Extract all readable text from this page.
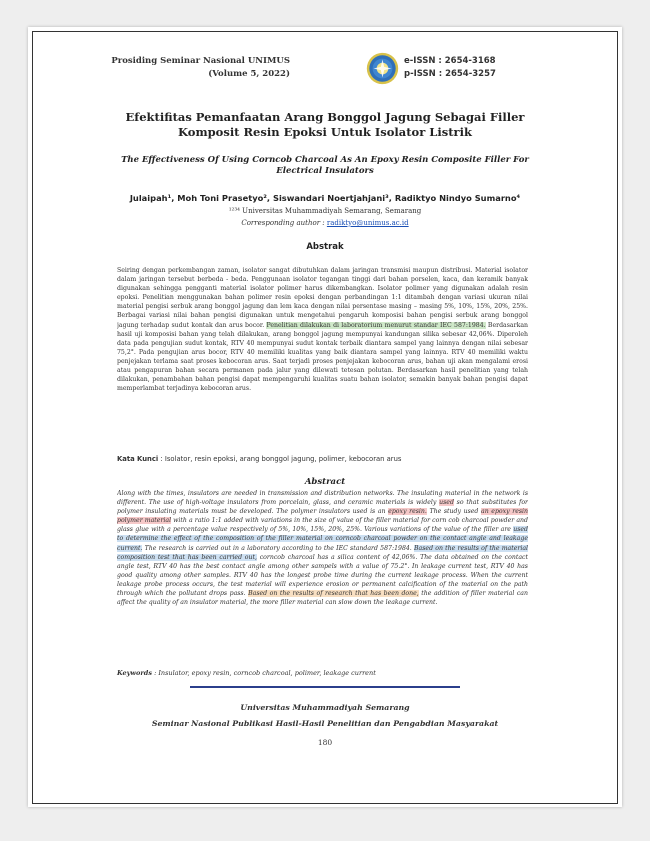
Prosiding Seminar Nasional UNIMUS
(Volume 5, 2022)
e-ISSN : 2654-3168
p-ISSN : 2654-3257
Efektifitas Pemanfaatan Arang Bonggol Jagung Sebagai Filler
Komposit Resin Epoksi Untuk Isolator Listrik
The Effectiveness Of Using Corncob Charcoal As An Epoxy Resin Composite Filler For
Electrical Insulators
Julaipah¹, Moh Toni Prasetyo², Siswandari Noertjahjani³, Radiktyo Nindyo Sumarno⁴
¹²³⁴ Universitas Muhammadiyah Semarang, Semarang
Corresponding author : radiktyo@unimus.ac.id
Abstrak
Seiring dengan perkembangan zaman, isolator sangat dibutuhkan dalam jaringan transmisi maupun distribusi. Material isolator dalam jaringan tersebut berbeda - beda. Penggunaan isolator tegangan tinggi dari bahan porselen, kaca, dan keramik banyak digunakan sehingga pengganti material isolator polimer harus dikembangkan. Isolator polimer yang digunakan adalah resin epoksi. Penelitian menggunakan bahan polimer resin epoksi dengan perbandingan 1:1 ditambah dengan variasi ukuran nilai material pengisi serbuk arang bonggol jagung dan lem kaca dengan nilai persentase masing – masing 5%, 10%, 15%, 20%, 25%. Berbagai variasi nilai bahan pengisi digunakan untuk mengetahui pengaruh komposisi bahan pengisi serbuk arang bonggol jagung terhadap sudut kontak dan arus bocor. Penelitian dilakukan di laboratorium menurut standar IEC 587:1984. Berdasarkan hasil uji komposisi bahan yang telah dilakukan, arang bonggol jagung mempunyai kandungan silika sebesar 42,06%. Diperoleh data pada pengujian sudut kontak, RTV 40 mempunyai sudut kontak terbaik diantara sampel yang lainnya dengan nilai sebesar 75,2°. Pada pengujian arus bocor, RTV 40 memiliki kualitas yang baik diantara sampel yang lainnya. RTV 40 memiliki waktu penjejakan terlama saat proses kebocoran arus. Saat terjadi proses penjejakan kebocoran arus, bahan uji akan mengalami erosi atau pengapuran bahan secara permanen pada jalur yang dilewati tetesan polutan. Berdasarkan hasil penelitian yang telah dilakukan, penambahan bahan pengisi dapat mempengaruhi kualitas suatu bahan isolator, semakin banyak bahan pengisi dapat memperlambat terjadinya kebocoran arus.
Kata Kunci : Isolator, resin epoksi, arang bonggol jagung, polimer, kebocoran arus
Abstract
Along with the times, insulators are needed in transmission and distribution networks. The insulating material in the network is different. The use of high-voltage insulators from porcelain, glass, and ceramic materials is widely used so that substitutes for polymer insulating materials must be developed. The polymer insulators used is an epoxy resin. The study used an epoxy resin polymer material with a ratio 1:1 added with variations in the size of value of the filler material for corn cob charcoal powder and glass glue with a percentage value respectively of 5%, 10%, 15%, 20%, 25%. Various variations of the value of the filler are used to determine the effect of the composition of the filler material on corncob charcoal powder on the contact angle and leakage current. The research is carried out in a laboratory according to the IEC standard 587:1984. Based on the results of the material composition test that has been carried out, corncob charcoal has a silica content of 42,06%. The data obtained on the contact angle test, RTV 40 has the best contact angle among other sampels with a value of 75.2°. In leakage current test, RTV 40 has good quality among other samples. RTV 40 has the longest probe time during the current leakage process. When the current leakage probe process occurs, the test material will experience erosion or permanent calcification of the material on the path through which the pollutant drops pass. Based on the results of research that has been done, the addition of filler material can affect the quality of an insulator material, the more filler material can slow down the leakage current.
Keywords : Insulator, epoxy resin, corncob charcoal, polimer, leakage current
Universitas Muhammadiyah Semarang
Seminar Nasional Publikasi Hasil-Hasil Penelitian dan Pengabdian Masyarakat
180
